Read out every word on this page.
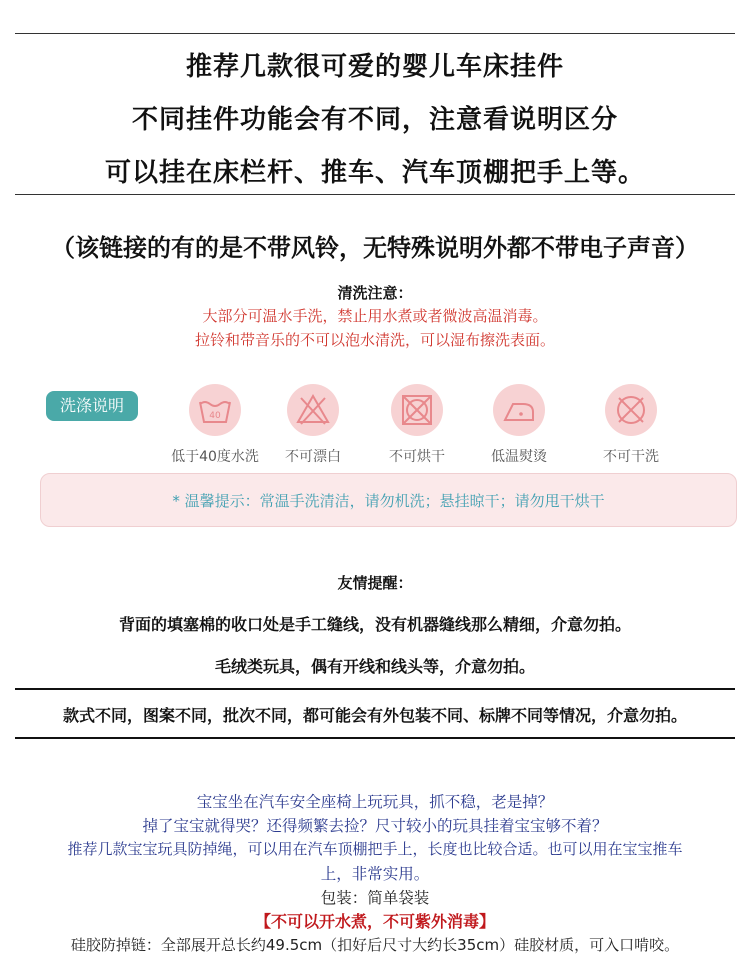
推荐几款很可爱的婴儿车床挂件
不同挂件功能会有不同，注意看说明区分
可以挂在床栏杆、推车、汽车顶棚把手上等。
（该链接的有的是不带风铃，无特殊说明外都不带电子声音）
清洗注意：
大部分可温水手洗，禁止用水煮或者微波高温消毒。
拉铃和带音乐的不可以泡水清洗，可以湿布擦洗表面。
洗涤说明
40
低于40度水洗	不可漂白	不可烘干	低温熨烫	不可干洗
* 温馨提示：常温手洗清洁，请勿机洗；悬挂晾干；请勿甩干烘干
友情提醒：
背面的填塞棉的收口处是手工缝线，没有机器缝线那么精细，介意勿拍。
毛绒类玩具，偶有开线和线头等，介意勿拍。
款式不同，图案不同，批次不同，都可能会有外包装不同、标牌不同等情况，介意勿拍。
宝宝坐在汽车安全座椅上玩玩具，抓不稳，老是掉？
掉了宝宝就得哭？还得频繁去捡？尺寸较小的玩具挂着宝宝够不着？
推荐几款宝宝玩具防掉绳，可以用在汽车顶棚把手上，长度也比较合适。也可以用在宝宝推车
上，非常实用。
包装：简单袋装
【不可以开水煮，不可紫外消毒】
硅胶防掉链：全部展开总长约49.5cm（扣好后尺寸大约长35cm）硅胶材质，可入口啃咬。
